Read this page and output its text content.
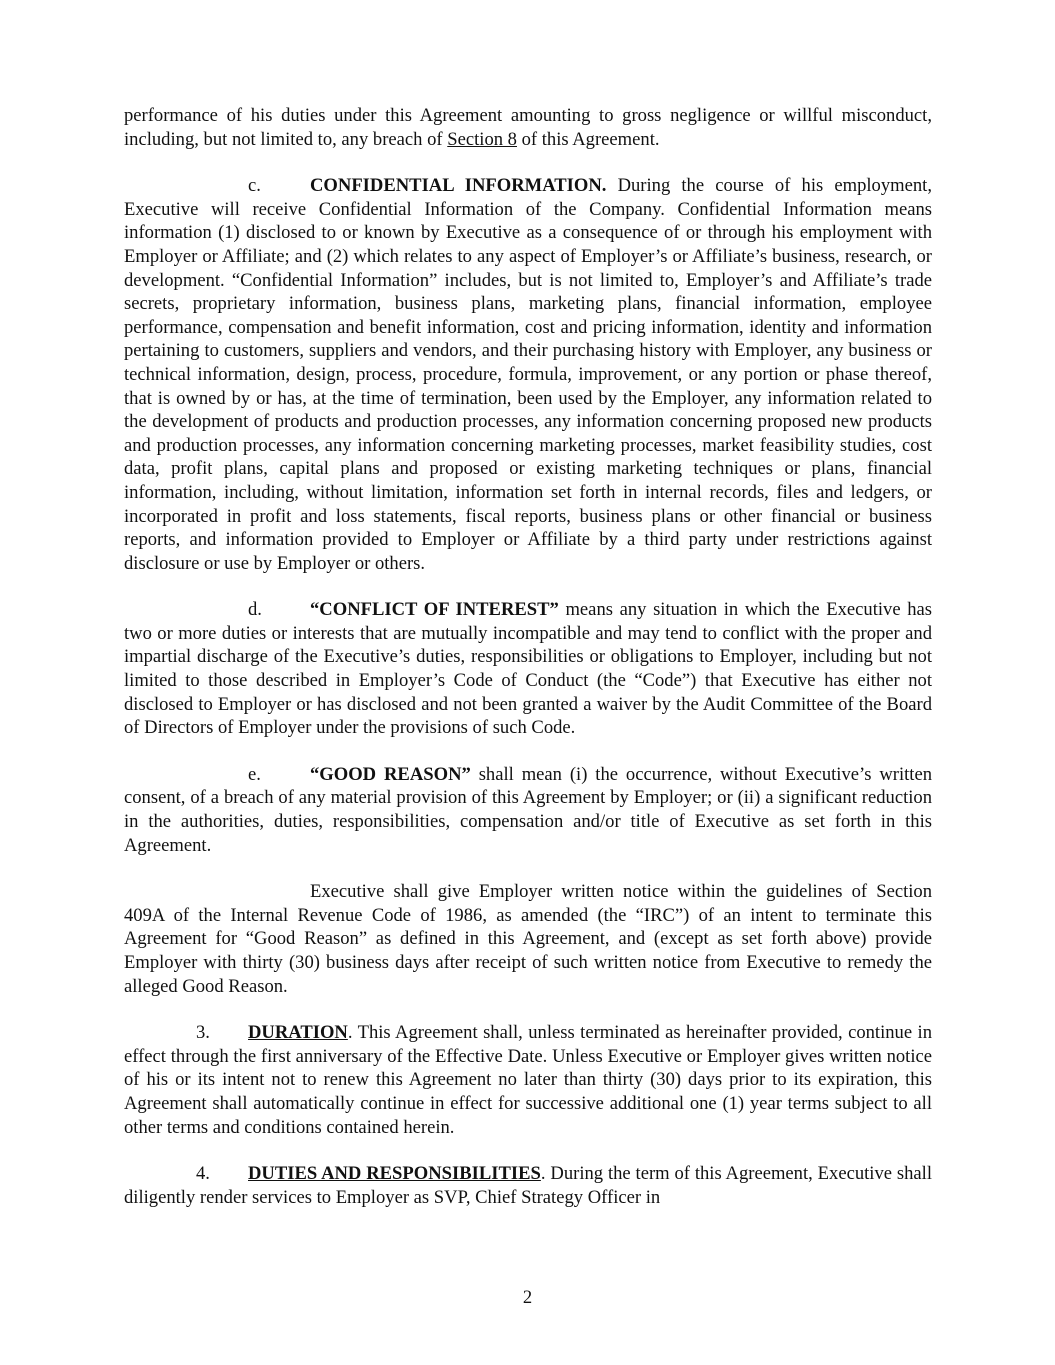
performance of his duties under this Agreement amounting to gross negligence or willful misconduct, including, but not limited to, any breach of Section 8 of this Agreement.

c.	CONFIDENTIAL INFORMATION. During the course of his employment, Executive will receive Confidential Information of the Company. Confidential Information means information (1) disclosed to or known by Executive as a consequence of or through his employment with Employer or Affiliate; and (2) which relates to any aspect of Employer’s or Affiliate’s business, research, or development. “Confidential Information” includes, but is not limited to, Employer’s and Affiliate’s trade secrets, proprietary information, business plans, marketing plans, financial information, employee performance, compensation and benefit information, cost and pricing information, identity and information pertaining to customers, suppliers and vendors, and their purchasing history with Employer, any business or technical information, design, process, procedure, formula, improvement, or any portion or phase thereof, that is owned by or has, at the time of termination, been used by the Employer, any information related to the development of products and production processes, any information concerning proposed new products and production processes, any information concerning marketing processes, market feasibility studies, cost data, profit plans, capital plans and proposed or existing marketing techniques or plans, financial information, including, without limitation, information set forth in internal records, files and ledgers, or incorporated in profit and loss statements, fiscal reports, business plans or other financial or business reports, and information provided to Employer or Affiliate by a third party under restrictions against disclosure or use by Employer or others.

d.	“CONFLICT OF INTEREST” means any situation in which the Executive has two or more duties or interests that are mutually incompatible and may tend to conflict with the proper and impartial discharge of the Executive’s duties, responsibilities or obligations to Employer, including but not limited to those described in Employer’s Code of Conduct (the “Code”) that Executive has either not disclosed to Employer or has disclosed and not been granted a waiver by the Audit Committee of the Board of Directors of Employer under the provisions of such Code.

e.	“GOOD REASON” shall mean (i) the occurrence, without Executive’s written consent, of a breach of any material provision of this Agreement by Employer; or (ii) a significant reduction in the authorities, duties, responsibilities, compensation and/or title of Executive as set forth in this Agreement.

Executive shall give Employer written notice within the guidelines of Section 409A of the Internal Revenue Code of 1986, as amended (the “IRC”) of an intent to terminate this Agreement for “Good Reason” as defined in this Agreement, and (except as set forth above) provide Employer with thirty (30) business days after receipt of such written notice from Executive to remedy the alleged Good Reason.

3. DURATION. This Agreement shall, unless terminated as hereinafter provided, continue in effect through the first anniversary of the Effective Date. Unless Executive or Employer gives written notice of his or its intent not to renew this Agreement no later than thirty (30) days prior to its expiration, this Agreement shall automatically continue in effect for successive additional one (1) year terms subject to all other terms and conditions contained herein.

4. DUTIES AND RESPONSIBILITIES. During the term of this Agreement, Executive shall diligently render services to Employer as SVP, Chief Strategy Officer in

2
